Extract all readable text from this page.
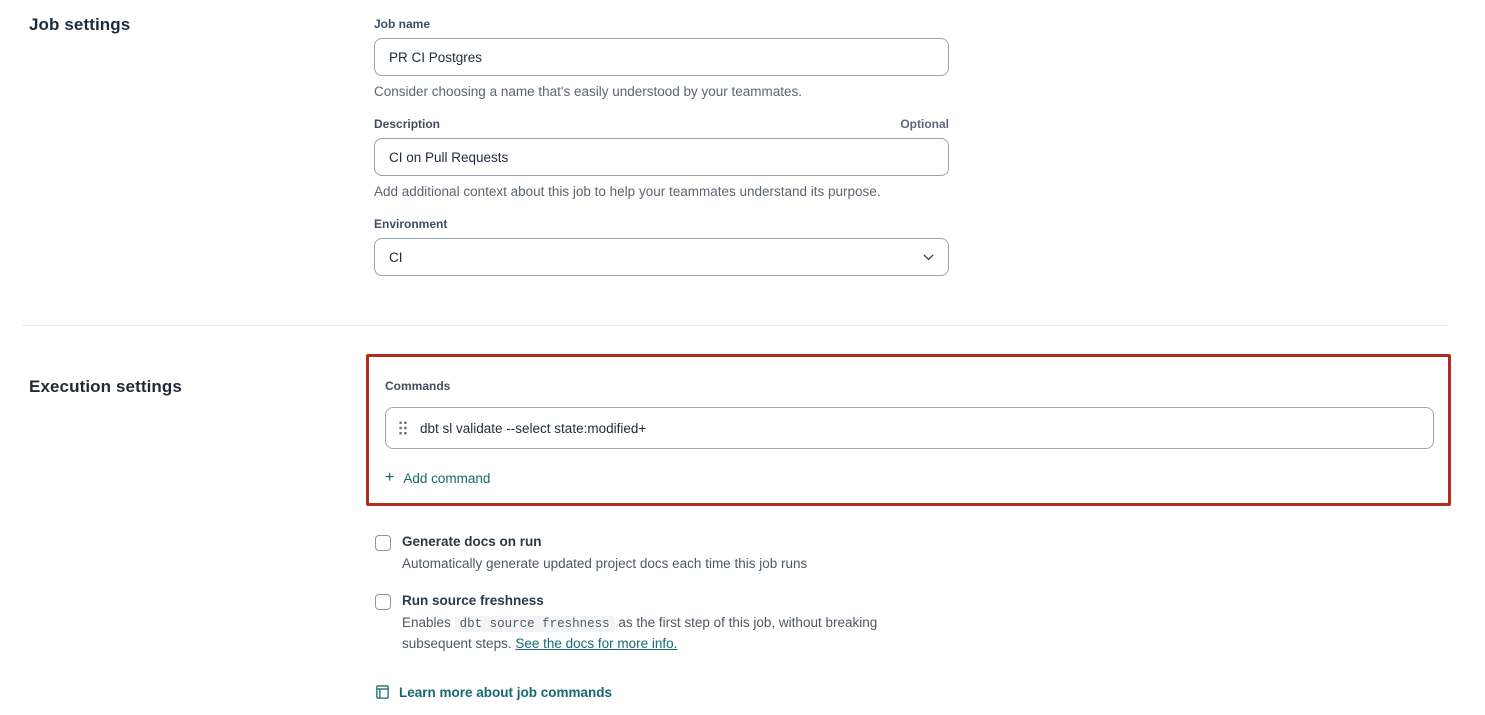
Job settings	Job name
PR CI Postgres
Consider choosing a name that's easily understood by your teammates.
Description	Optional
CI on Pull Requests
Add additional context about this job to help your teammates understand its purpose.
Environment
CI
Execution settings	Commands
dbt sl validate --select state:modified+
+ Add command
Generate docs on run
Automatically generate updated project docs each time this job runs
Run source freshness
Enables dbt source freshness as the first step of this job, without breaking subsequent steps. See the docs for more info.
Learn more about job commands
